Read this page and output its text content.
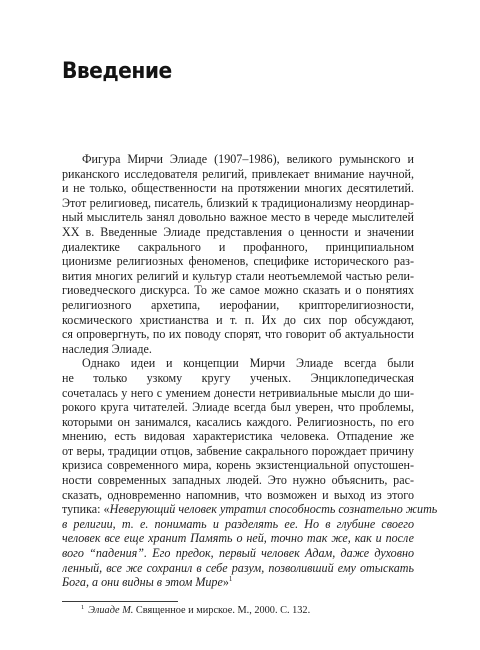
Введение

Фигура Мирчи Элиаде (1907–1986), великого румынского и
риканского исследователя религий, привлекает внимание научной,
и не только, общественности на протяжении многих десятилетий.
Этот религиовед, писатель, близкий к традиционализму неординар-
ный мыслитель занял довольно важное место в череде мыслителей
XX в. Введенные Элиаде представления о ценности и значении
диалектике сакрального и профанного, принципиальном
ционизме религиозных феноменов, специфике исторического раз-
вития многих религий и культур стали неотъемлемой частью рели-
гиоведческого дискурса. То же самое можно сказать и о понятиях
религиозного архетипа, иерофании, крипторелигиозности,
космического христианства и т. п. Их до сих пор обсуждают,
ся опровергнуть, по их поводу спорят, что говорит об актуальности
наследия Элиаде.

Однако идеи и концепции Мирчи Элиаде всегда были
не только узкому кругу ученых. Энциклопедическая
сочеталась у него с умением донести нетривиальные мысли до ши-
рокого круга читателей. Элиаде всегда был уверен, что проблемы,
которыми он занимался, касались каждого. Религиозность, по его
мнению, есть видовая характеристика человека. Отпадение же
от веры, традиции отцов, забвение сакрального порождает причину
кризиса современного мира, корень экзистенциальной опустошен-
ности современных западных людей. Это нужно объяснить, рас-
сказать, одновременно напомнив, что возможен и выход из этого
тупика: «Неверующий человек утратил способность сознательно жить
в религии, т. е. понимать и разделять ее. Но в глубине своего
человек все еще хранит Память о ней, точно так же, как и после
вого “падения”. Его предок, первый человек Адам, даже духовно
ленный, все же сохранил в себе разум, позволивший ему отыскать
Бога, а они видны в этом Мире»$^1$

$^1$ Элиаде М. Священное и мирское. М., 2000. С. 132.
